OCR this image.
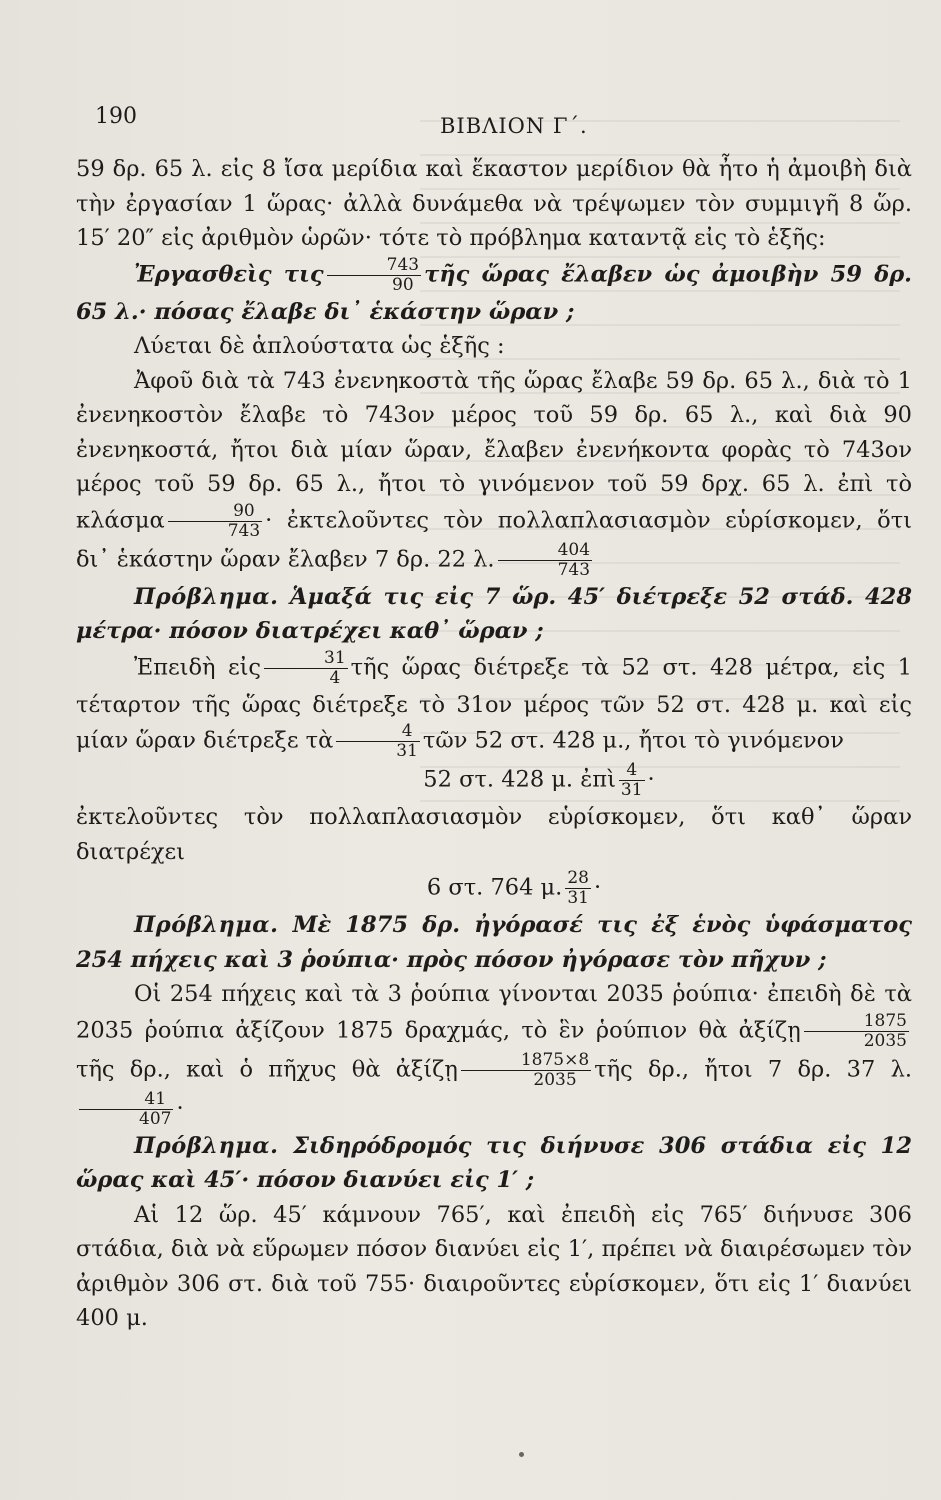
190	ΒΙΒΛΙΟΝ Γ΄.

59 δρ. 65 λ. εἰς 8 ἴσα μερίδια καὶ ἕκαστον μερίδιον θὰ ἦτο ἡ ἀμοιβὴ διὰ τὴν ἐργασίαν 1 ὥρας· ἀλλὰ δυνάμεθα νὰ τρέψωμεν τὸν συμμιγῆ 8 ὥρ. 15′ 20″ εἰς ἀριθμὸν ὡρῶν· τότε τὸ πρόβλημα καταντᾷ εἰς τὸ ἑξῆς:

Ἐργασθεὶς τις $\frac{743}{90}$ τῆς ὥρας ἔλαβεν ὡς ἀμοιβὴν 59 δρ. 65 λ.· πόσας ἔλαβε δι᾽ ἑκάστην ὥραν ;

Λύεται δὲ ἁπλούστατα ὡς ἑξῆς :

Ἀφοῦ διὰ τὰ 743 ἐνενηκοστὰ τῆς ὥρας ἔλαβε 59 δρ. 65 λ., διὰ τὸ 1 ἐνενηκοστὸν ἔλαβε τὸ 743ον μέρος τοῦ 59 δρ. 65 λ., καὶ διὰ 90 ἐνενηκοστά, ἤτοι διὰ μίαν ὥραν, ἔλαβεν ἐνενήκοντα φορὰς τὸ 743ον μέρος τοῦ 59 δρ. 65 λ., ἤτοι τὸ γινόμενον τοῦ 59 δρχ. 65 λ. ἐπὶ τὸ κλάσμα $\frac{90}{743}$ · ἐκτελοῦντες τὸν πολλαπλασιασμὸν εὑρίσκομεν, ὅτι δι᾽ ἑκάστην ὥραν ἔλαβεν 7 δρ. 22 λ. $\frac{404}{743}$

Πρόβλημα. Ἁμαξά τις εἰς 7 ὥρ. 45′ διέτρεξε 52 στάδ. 428 μέτρα· πόσον διατρέχει καθ᾽ ὥραν ;

Ἐπειδὴ εἰς $\frac{31}{4}$ τῆς ὥρας διέτρεξε τὰ 52 στ. 428 μέτρα, εἰς 1 τέταρτον τῆς ὥρας διέτρεξε τὸ 31ον μέρος τῶν 52 στ. 428 μ. καὶ εἰς μίαν ὥραν διέτρεξε τὰ $\frac{4}{31}$ τῶν 52 στ. 428 μ., ἤτοι τὸ γινόμενον

52 στ. 428 μ. ἐπὶ $\frac{4}{31}$ ·

ἐκτελοῦντες τὸν πολλαπλασιασμὸν εὑρίσκομεν, ὅτι καθ᾽ ὥραν διατρέχει

6 στ. 764 μ. $\frac{28}{31}$ ·

Πρόβλημα. Μὲ 1875 δρ. ἠγόρασέ τις ἐξ ἑνὸς ὑφάσματος 254 πήχεις καὶ 3 ῥούπια· πρὸς πόσον ἠγόρασε τὸν πῆχυν ;

Οἱ 254 πήχεις καὶ τὰ 3 ῥούπια γίνονται 2035 ῥούπια· ἐπειδὴ δὲ τὰ 2035 ῥούπια ἀξίζουν 1875 δραχμάς, τὸ ἓν ῥούπιον θὰ ἀξίζῃ $\frac{1875}{2035}$
τῆς δρ., καὶ ὁ πῆχυς θὰ ἀξίζῃ $\frac{1875\times 8}{2035}$ τῆς δρ., ἤτοι 7 δρ. 37 λ.
$\frac{41}{407}$ ·

Πρόβλημα. Σιδηρόδρομός τις διήνυσε 306 στάδια εἰς 12 ὥρας καὶ 45′· πόσον διανύει εἰς 1′ ;

Αἱ 12 ὥρ. 45′ κάμνουν 765′, καὶ ἐπειδὴ εἰς 765′ διήνυσε 306 στάδια, διὰ νὰ εὕρωμεν πόσον διανύει εἰς 1′, πρέπει νὰ διαιρέσωμεν τὸν ἀριθμὸν 306 στ. διὰ τοῦ 755· διαιροῦντες εὑρίσκομεν, ὅτι εἰς 1′ διανύει 400 μ.
